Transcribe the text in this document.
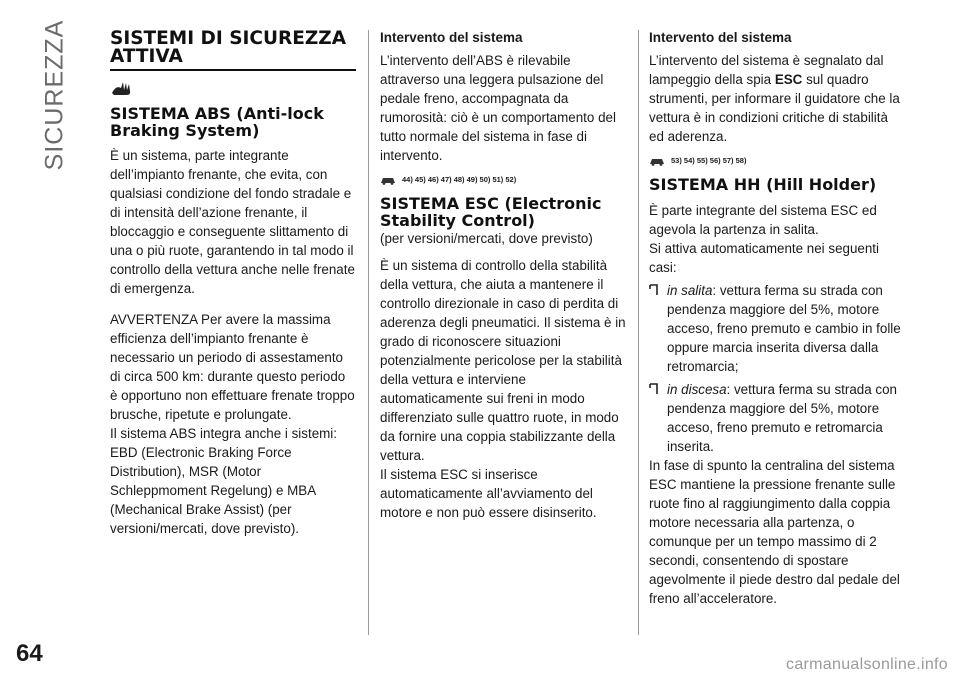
SICUREZZA
64
SISTEMI DI SICUREZZA ATTIVA
SISTEMA ABS (Anti-lock Braking System)

È un sistema, parte integrante dell’impianto frenante, che evita, con qualsiasi condizione del fondo stradale e di intensità dell’azione frenante, il bloccaggio e conseguente slittamento di una o più ruote, garantendo in tal modo il controllo della vettura anche nelle frenate di emergenza.

AVVERTENZA Per avere la massima efficienza dell’impianto frenante è necessario un periodo di assestamento di circa 500 km: durante questo periodo è opportuno non effettuare frenate troppo brusche, ripetute e prolungate.

Il sistema ABS integra anche i sistemi: EBD (Electronic Braking Force Distribution), MSR (Motor Schleppmoment Regelung) e MBA (Mechanical Brake Assist) (per versioni/mercati, dove previsto).

Intervento del sistema

L’intervento dell’ABS è rilevabile attraverso una leggera pulsazione del pedale freno, accompagnata da rumorosità: ciò è un comportamento del tutto normale del sistema in fase di intervento.

44) 45) 46) 47) 48) 49) 50) 51) 52)
SISTEMA ESC (Electronic Stability Control)

(per versioni/mercati, dove previsto)

È un sistema di controllo della stabilità della vettura, che aiuta a mantenere il controllo direzionale in caso di perdita di aderenza degli pneumatici. Il sistema è in grado di riconoscere situazioni potenzialmente pericolose per la stabilità della vettura e interviene automaticamente sui freni in modo differenziato sulle quattro ruote, in modo da fornire una coppia stabilizzante della vettura.

Il sistema ESC si inserisce automaticamente all’avviamento del motore e non può essere disinserito.

Intervento del sistema

L’intervento del sistema è segnalato dal lampeggio della spia ESC sul quadro strumenti, per informare il guidatore che la vettura è in condizioni critiche di stabilità ed aderenza.

53) 54) 55) 56) 57) 58)
SISTEMA HH (Hill Holder)

È parte integrante del sistema ESC ed agevola la partenza in salita.

Si attiva automaticamente nei seguenti casi:

in salita: vettura ferma su strada con pendenza maggiore del 5%, motore acceso, freno premuto e cambio in folle oppure marcia inserita diversa dalla retromarcia;

in discesa: vettura ferma su strada con pendenza maggiore del 5%, motore acceso, freno premuto e retromarcia inserita.

In fase di spunto la centralina del sistema ESC mantiene la pressione frenante sulle ruote fino al raggiungimento dalla coppia motore necessaria alla partenza, o comunque per un tempo massimo di 2 secondi, consentendo di spostare agevolmente il piede destro dal pedale del freno all’acceleratore.

carmanualsonline.info
